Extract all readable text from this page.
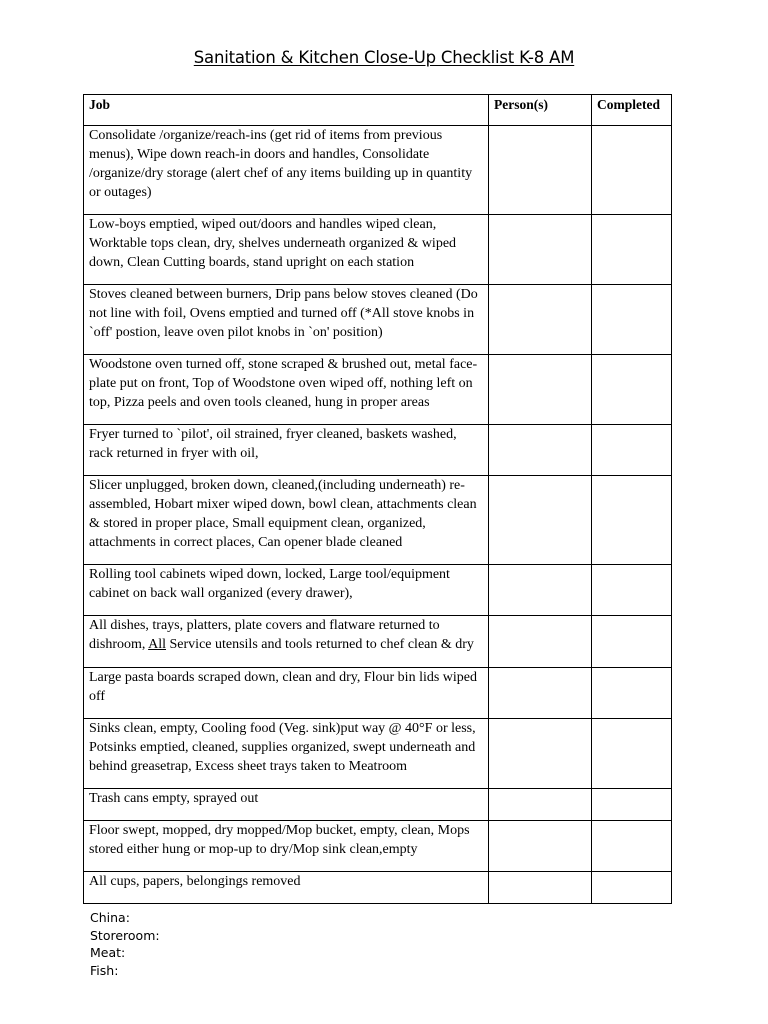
Sanitation & Kitchen Close-Up Checklist K-8 AM
Job	Person(s)	Completed
Consolidate /organize/reach-ins (get rid of items from previous menus), Wipe down reach-in doors and handles, Consolidate /organize/dry storage (alert chef of any items building up in quantity or outages)		
Low-boys emptied, wiped out/doors and handles wiped clean, Worktable tops clean, dry, shelves underneath organized & wiped down, Clean Cutting boards, stand upright on each station		
Stoves cleaned between burners, Drip pans below stoves cleaned (Do not line with foil, Ovens emptied and turned off (*All stove knobs in `off' postion, leave oven pilot knobs in `on' position)		
Woodstone oven turned off, stone scraped & brushed out, metal face-plate put on front, Top of Woodstone oven wiped off, nothing left on top, Pizza peels and oven tools cleaned, hung in proper areas		
Fryer turned to `pilot', oil strained, fryer cleaned, baskets washed, rack returned in fryer with oil,		
Slicer unplugged, broken down, cleaned,(including underneath) re-assembled, Hobart mixer wiped down, bowl clean, attachments clean & stored in proper place, Small equipment clean, organized, attachments in correct places, Can opener blade cleaned		
Rolling tool cabinets wiped down, locked, Large tool/equipment cabinet on back wall organized (every drawer),		
All dishes, trays, platters, plate covers and flatware returned to dishroom, All Service utensils and tools returned to chef clean & dry		
Large pasta boards scraped down, clean and dry, Flour bin lids wiped off		
Sinks clean, empty, Cooling food (Veg. sink)put way @ 40°F or less, Potsinks emptied, cleaned, supplies organized, swept underneath and behind greasetrap, Excess sheet trays taken to Meatroom		
Trash cans empty, sprayed out		
Floor swept, mopped, dry mopped/Mop bucket, empty, clean, Mops stored either hung or mop-up to dry/Mop sink clean,empty		
All cups, papers, belongings removed		
China:
Storeroom:
Meat:
Fish:
